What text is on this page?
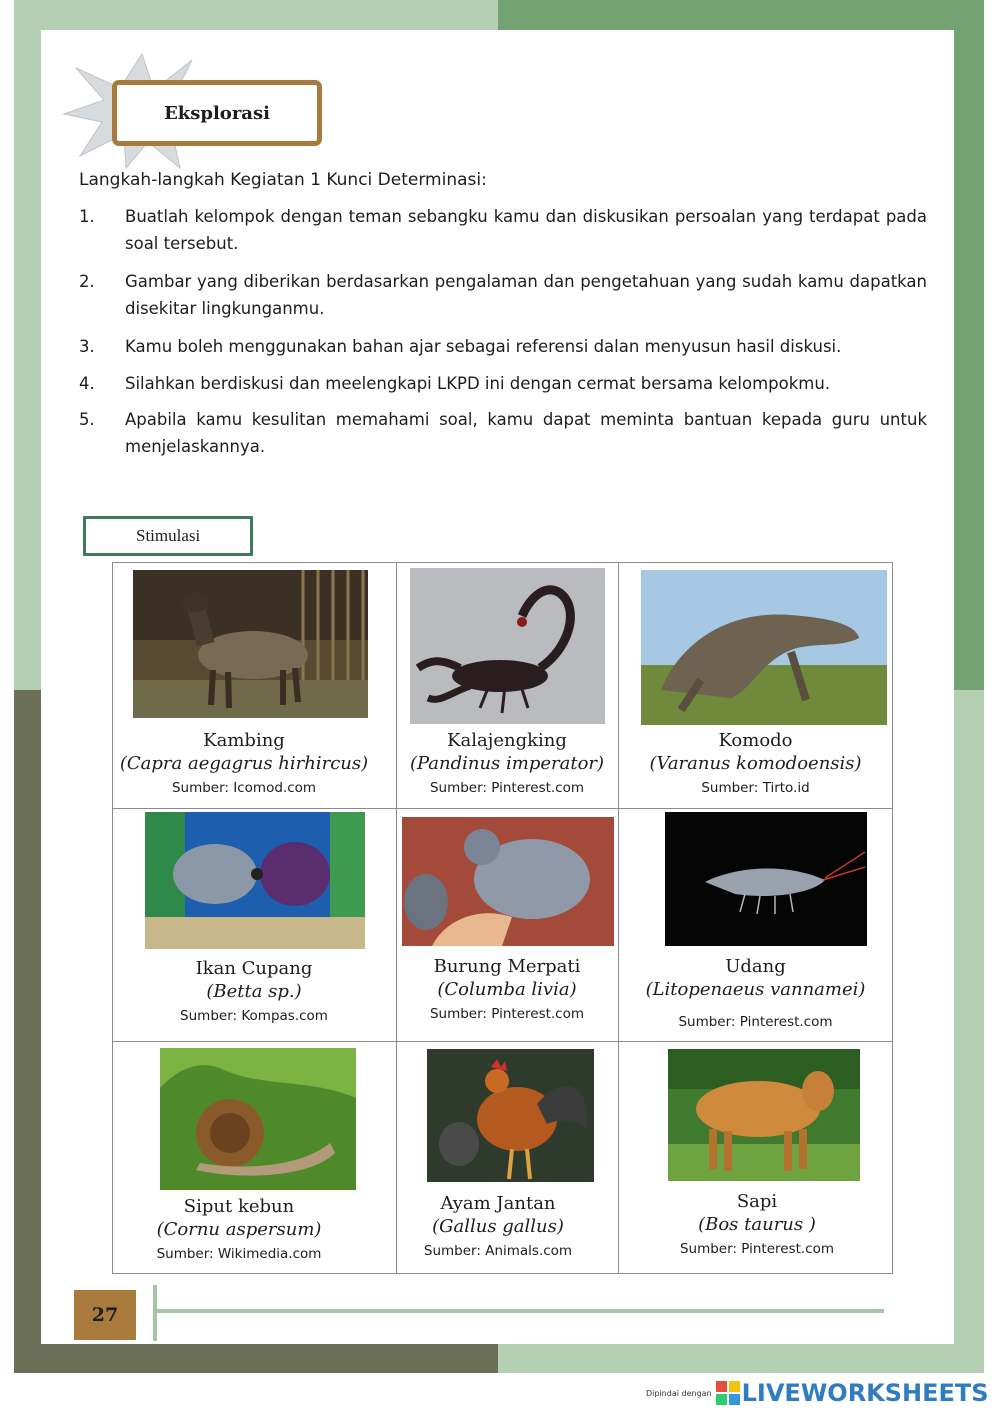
Eksplorasi
Langkah-langkah Kegiatan 1 Kunci Determinasi:
1. Buatlah kelompok dengan teman sebangku kamu dan diskusikan persoalan yang terdapat pada soal tersebut.
2. Gambar yang diberikan berdasarkan pengalaman dan pengetahuan yang sudah kamu dapatkan disekitar lingkunganmu.
3. Kamu boleh menggunakan bahan ajar sebagai referensi dalan menyusun hasil diskusi.
4. Silahkan berdiskusi dan meelengkapi LKPD ini dengan cermat bersama kelompokmu.
5. Apabila kamu kesulitan memahami soal, kamu dapat meminta bantuan kepada guru untuk menjelaskannya.
Stimulasi
Kambing
(Capra aegagrus hirhircus)
Sumber: Icomod.com
Kalajengking
(Pandinus imperator)
Sumber: Pinterest.com
Komodo
(Varanus komodoensis)
Sumber: Tirto.id
Ikan Cupang
(Betta sp.)
Sumber: Kompas.com
Burung Merpati
(Columba livia)
Sumber: Pinterest.com
Udang
(Litopenaeus vannamei)
Sumber: Pinterest.com
Siput kebun
(Cornu aspersum)
Sumber: Wikimedia.com
Ayam Jantan
(Gallus gallus)
Sumber: Animals.com
Sapi
(Bos taurus )
Sumber: Pinterest.com
27
Dipindai dengan LIVEWORKSHEETS
